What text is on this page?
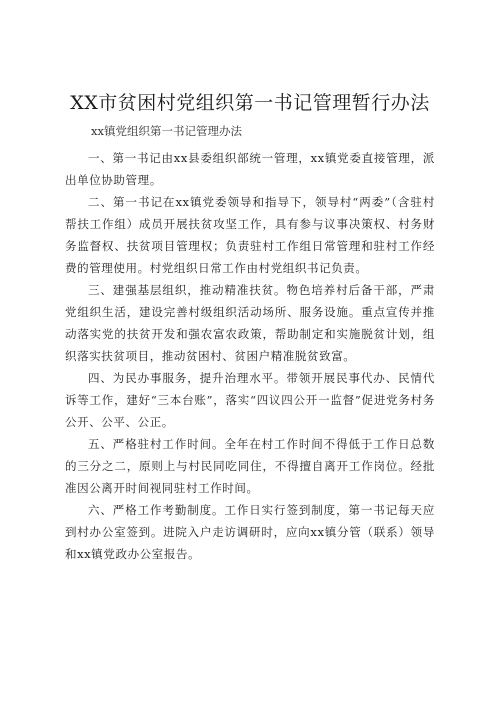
XX市贫困村党组织第一书记管理暂行办法
xx镇党组织第一书记管理办法

一、第一书记由xx县委组织部统一管理，xx镇党委直接管理，派出单位协助管理。

二、第一书记在xx镇党委领导和指导下，领导村“两委”（含驻村帮扶工作组）成员开展扶贫攻坚工作，具有参与议事决策权、村务财务监督权、扶贫项目管理权；负责驻村工作组日常管理和驻村工作经费的管理使用。村党组织日常工作由村党组织书记负责。

三、建强基层组织，推动精准扶贫。物色培养村后备干部，严肃党组织生活，建设完善村级组织活动场所、服务设施。重点宣传并推动落实党的扶贫开发和强农富农政策，帮助制定和实施脱贫计划，组织落实扶贫项目，推动贫困村、贫困户精准脱贫致富。

四、为民办事服务，提升治理水平。带领开展民事代办、民情代诉等工作，建好“三本台账”，落实“四议四公开一监督”促进党务村务公开、公平、公正。

五、严格驻村工作时间。全年在村工作时间不得低于工作日总数的三分之二，原则上与村民同吃同住，不得擅自离开工作岗位。经批准因公离开时间视同驻村工作时间。

六、严格工作考勤制度。工作日实行签到制度，第一书记每天应到村办公室签到。进院入户走访调研时，应向xx镇分管（联系）领导和xx镇党政办公室报告。
